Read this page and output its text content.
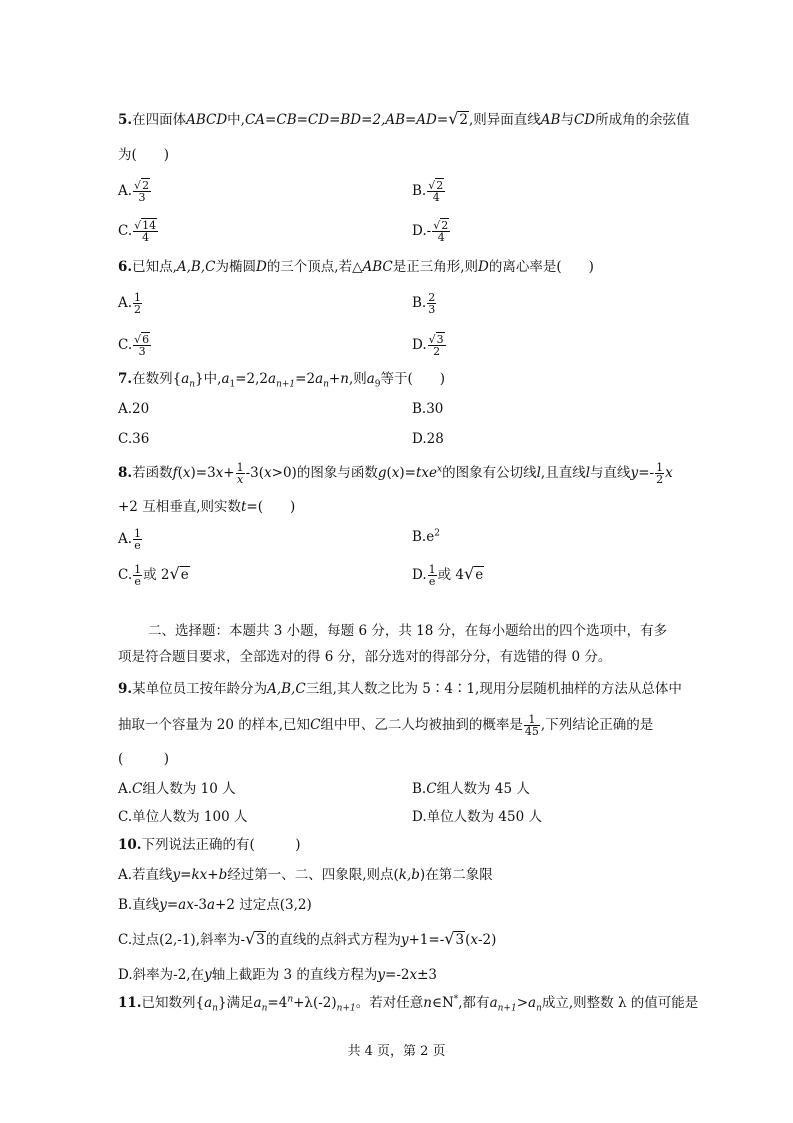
5.在四面体ABCD中,CA=CB=CD=BD=2,AB=AD=√2,则异面直线AB与CD所成角的余弦值
为(　　)
A. $\frac{√2}{3}$	B. $\frac{√2}{4}$
C. $\frac{√14}{4}$	$D.- \frac{√2}{4}$
6.已知点,A,B,C为椭圆D的三个顶点,若△ABC是正三角形,则D的离心率是(　　)
A. $\frac{1}{2}$	B. $\frac{2}{3}$
C. $\frac{√6}{3}$	D. $\frac{√3}{2}$
7.在数列$\{a_n\}$中$,a_1=2,2a_{n+1}=2a_n+n$,则$a_9$等于(　　)
A.20	B.30
C.36	D.28
8.若函数$f(x)=3x+ \frac{1}{x} -3(x>0)$的图象与函数g(x)=txe$^x$的图象有公切线l,且直线l与直线$y=- \frac{1}{2}$ x
+2 互相垂直,则实数t=(　　)
A. $\frac{1}{e}$	$B.e^2$
C. $\frac{1}{e}$ 或 2√e	D. $\frac{1}{e}$ 或 4√e
二、选择题：本题共 3 小题，每题 6 分，共 18 分，在每小题给出的四个选项中，有多
项是符合题目要求，全部选对的得 6 分，部分选对的得部分分，有选错的得 0 分。
9.某单位员工按年龄分为A,B,C三组,其人数之比为 5∶4∶1,现用分层随机抽样的方法从总体中
抽取一个容量为 20 的样本,已知C组中甲、乙二人均被抽到的概率是 $\frac{1}{45}$ ,下列结论正确的是
(　　　)
A.C组人数为 10 人	B.C组人数为 45 人
C.单位人数为 100 人	D.单位人数为 450 人
10.下列说法正确的有(　　　)
A.若直线y=kx+b经过第一、二、四象限,则点(k,b)在第二象限
B.直线y=ax-3a+2 过定点(3,2)
C.过点(2,-1),斜率为-√3的直线的点斜式方程为y+1=-√3(x-2)
D.斜率为-2,在y轴上截距为 3 的直线方程为y=-2x±3
11.已知数列$\{a_n\}$满足$a_n=4^n+\lambda(-2)_{n+1}$。若对任意n∈N*,都有$a_{n+1}>a_n$成立,则整数 λ 的值可能是
共 4 页，第 2 页
